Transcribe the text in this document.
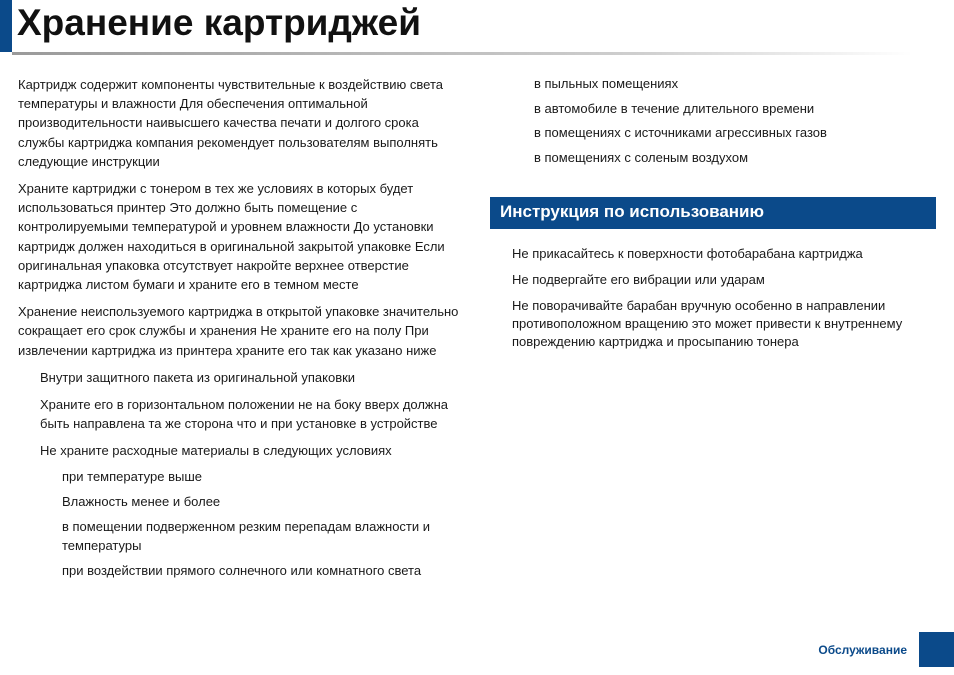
Хранение картриджей

Картридж содержит компоненты чувствительные к воздействию света температуры и влажности Для обеспечения оптимальной производительности наивысшего качества печати и долгого срока службы картриджа компания рекомендует пользователям выполнять следующие инструкции

Храните картриджи с тонером в тех же условиях в которых будет использоваться принтер Это должно быть помещение с контролируемыми температурой и уровнем влажности До установки картридж должен находиться в оригинальной закрытой упаковке Если оригинальная упаковка отсутствует накройте верхнее отверстие картриджа листом бумаги и храните его в темном месте

Хранение неиспользуемого картриджа в открытой упаковке значительно сокращает его срок службы и хранения Не храните его на полу При извлечении картриджа из принтера храните его так как указано ниже

Внутри защитного пакета из оригинальной упаковки
Храните его в горизонтальном положении не на боку вверх должна быть направлена та же сторона что и при установке в устройстве
Не храните расходные материалы в следующих условиях
при температуре выше
Влажность менее и более
в помещении подверженном резким перепадам влажности и температуры
при воздействии прямого солнечного или комнатного света
в пыльных помещениях
в автомобиле в течение длительного времени
в помещениях с источниками агрессивных газов
в помещениях с соленым воздухом
Инструкция по использованию
Не прикасайтесь к поверхности фотобарабана картриджа
Не подвергайте его вибрации или ударам
Не поворачивайте барабан вручную особенно в направлении противоположном вращению это может привести к внутреннему повреждению картриджа и просыпанию тонера
Обслуживание
